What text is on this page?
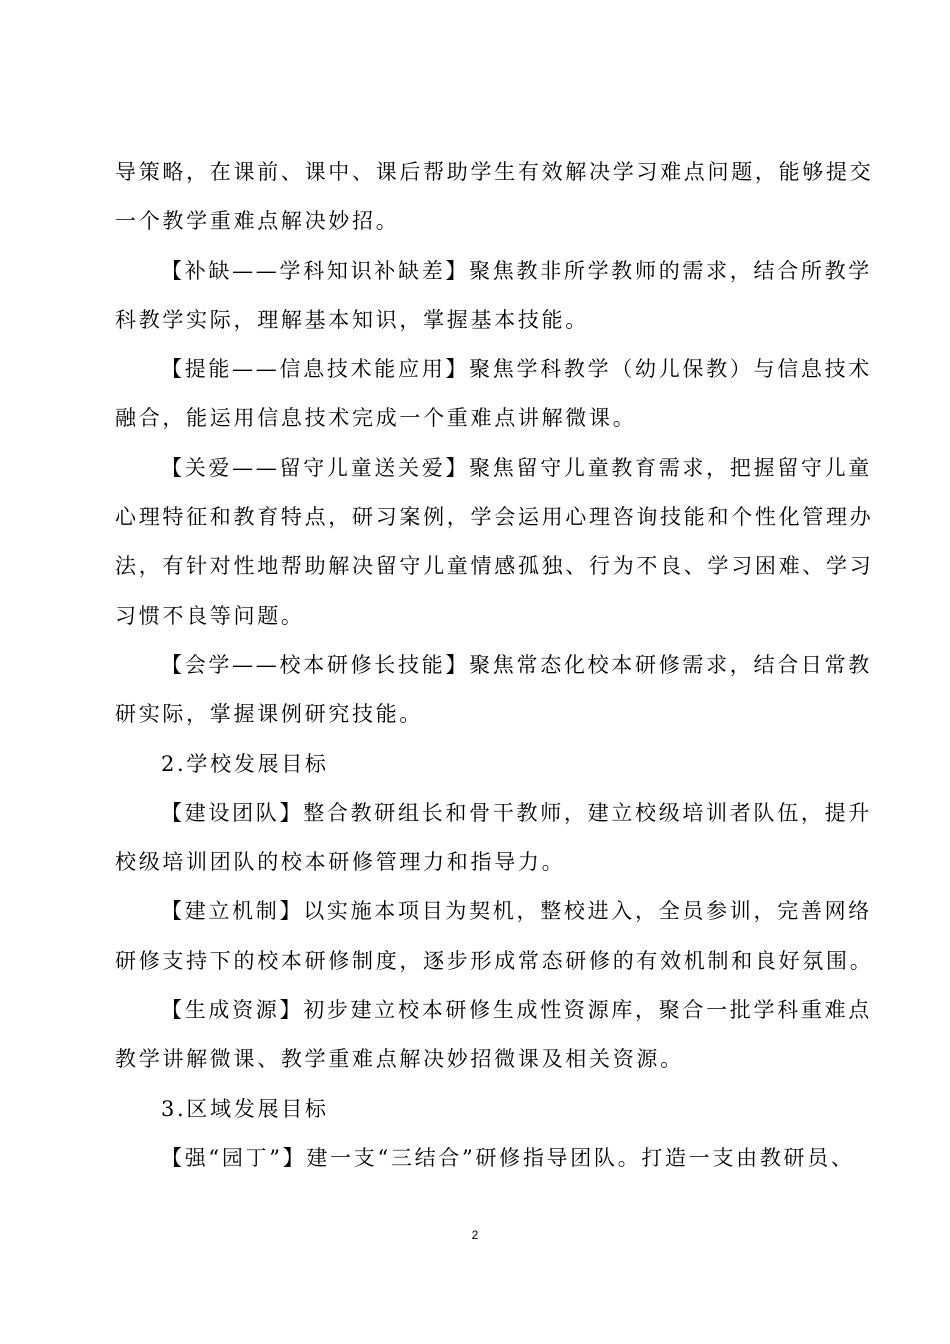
导策略，在课前、课中、课后帮助学生有效解决学习难点问题，能够提交
一个教学重难点解决妙招。
【补缺——学科知识补缺差】聚焦教非所学教师的需求，结合所教学
科教学实际，理解基本知识，掌握基本技能。
【提能——信息技术能应用】聚焦学科教学（幼儿保教）与信息技术
融合，能运用信息技术完成一个重难点讲解微课。
【关爱——留守儿童送关爱】聚焦留守儿童教育需求，把握留守儿童
心理特征和教育特点，研习案例，学会运用心理咨询技能和个性化管理办
法，有针对性地帮助解决留守儿童情感孤独、行为不良、学习困难、学习
习惯不良等问题。
【会学——校本研修长技能】聚焦常态化校本研修需求，结合日常教
研实际，掌握课例研究技能。
2.学校发展目标
【建设团队】整合教研组长和骨干教师，建立校级培训者队伍，提升
校级培训团队的校本研修管理力和指导力。
【建立机制】以实施本项目为契机，整校进入，全员参训，完善网络
研修支持下的校本研修制度，逐步形成常态研修的有效机制和良好氛围。
【生成资源】初步建立校本研修生成性资源库，聚合一批学科重难点
教学讲解微课、教学重难点解决妙招微课及相关资源。
3.区域发展目标
【强“园丁”】建一支“三结合”研修指导团队。打造一支由教研员、
2
